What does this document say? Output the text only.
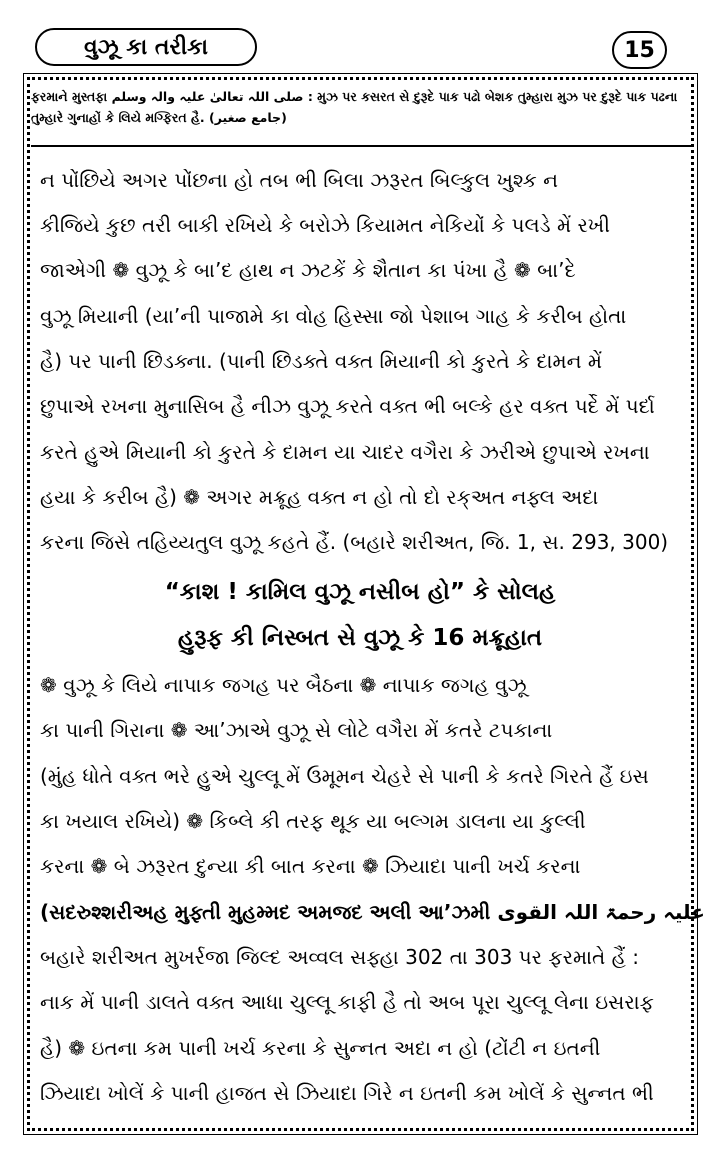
વુઝૂ કા તરીકા	15
ફરમાને મુસ્તફા صلی اللہ تعالیٰ علیہ والہ وسلم : મુઝ પર કસરત સે દુરૂદે પાક પઢો બેશક તુમ્હારા મુઝ પર દુરૂદે પાક પઢના
તુમ્હારે ગુનાહોં કે લિયે મગ્ફિરત હૈ. (جامع صغیر)
ન પોંછિયે અગર પોંછના હો તબ ભી બિલા ઝરૂરત બિલ્કુલ ખુશ્ક ન
કીજિયે કુછ તરી બાકી રખિયે કે બરોઝે કિયામત નેકિયોં કે પલડે મેં રખી
જાએગી ❁ વુઝૂ કે બા’દ હાથ ન ઝટકેં કે શૈતાન કા પંખા હૈ ❁ બા’દે
વુઝૂ મિયાની (યા’ની પાજામે કા વોહ હિસ્સા જો પેશાબ ગાહ કે કરીબ હોતા
હૈ) પર પાની છિડક્ના. (પાની છિડક્તે વક્ત મિયાની કો કુરતે કે દામન મેં
છુપાએ રખના મુનાસિબ હૈ નીઝ વુઝૂ કરતે વક્ત ભી બલ્કે હર વક્ત પર્દે મેં પર્દા
કરતે હુએ મિયાની કો કુરતે કે દામન યા ચાદર વગૈરા કે ઝરીએ છુપાએ રખના
હયા કે કરીબ હૈ) ❁ અગર મક્રૂહ વક્ત ન હો તો દો રક્અત નફ્લ અદા
કરના જિસે તહિય્યતુલ વુઝૂ કહતે હૈં. (બહારે શરીઅત, જિ. 1, સ. 293, 300)
“કાશ ! કામિલ વુઝૂ નસીબ હો” કે સોલહ
હુરૂફ કી નિસ્બત સે વુઝૂ કે 16 મક્રૂહાત
❁ વુઝૂ કે લિયે નાપાક જગહ પર બૈઠના ❁ નાપાક જગહ વુઝૂ
કા પાની ગિરાના ❁ આ’ઝાએ વુઝૂ સે લોટે વગૈરા મેં કતરે ટપકાના
(મુંહ ધોતે વક્ત ભરે હુએ ચુલ્લૂ મેં ઉમૂમન ચેહરે સે પાની કે કતરે ગિરતે હૈં ઇસ
કા ખયાલ રખિયે) ❁ કિબ્લે કી તરફ થૂક યા બલ્ગમ ડાલના યા કુલ્લી
કરના ❁ બે ઝરૂરત દુન્યા કી બાત કરના ❁ ઝિયાદા પાની ખર્ચ કરના
(સદરુશ્શરીઅહ મુફ્તી મુહમ્મદ અમજદ અલી આ’ઝમી علیہ رحمۃ اللہ القوی
બહારે શરીઅત મુખર્રજા જિલ્દ અવ્વલ સફ્હા 302 તા 303 પર ફરમાતે હૈં :
નાક મેં પાની ડાલતે વક્ત આધા ચુલ્લૂ કાફી હૈ તો અબ પૂરા ચુલ્લૂ લેના ઇસરાફ
હૈ) ❁ ઇતના કમ પાની ખર્ચ કરના કે સુન્નત અદા ન હો (ટોંટી ન ઇતની
ઝિયાદા ખોલેં કે પાની હાજત સે ઝિયાદા ગિરે ન ઇતની કમ ખોલેં કે સુન્નત ભી
